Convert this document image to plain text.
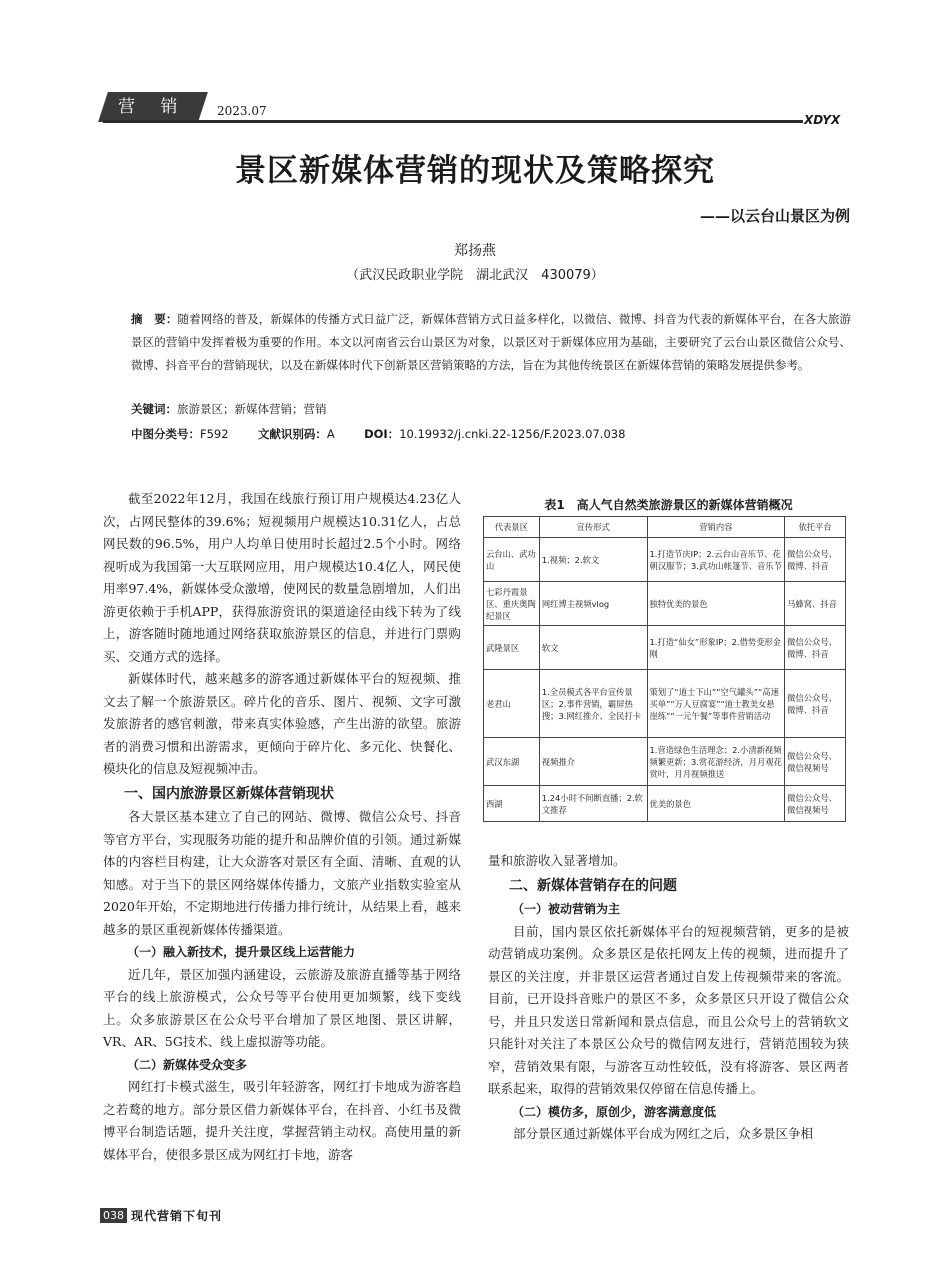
营 销	2023.07
XDYX
景区新媒体营销的现状及策略探究
——以云台山景区为例
郑扬燕
（武汉民政职业学院　湖北武汉　430079）
摘　要：随着网络的普及，新媒体的传播方式日益广泛，新媒体营销方式日益多样化，以微信、微博、抖音为代表的新媒体平台，在各大旅游景区的营销中发挥着极为重要的作用。本文以河南省云台山景区为对象，以景区对于新媒体应用为基础，主要研究了云台山景区微信公众号、微博、抖音平台的营销现状，以及在新媒体时代下创新景区营销策略的方法，旨在为其他传统景区在新媒体营销的策略发展提供参考。
关键词：旅游景区；新媒体营销；营销
中图分类号：F592	文献识别码：A	DOI：10.19932/j.cnki.22-1256/F.2023.07.038

截至2022年12月，我国在线旅行预订用户规模达4.23亿人次，占网民整体的39.6%；短视频用户规模达10.31亿人，占总网民数的96.5%，用户人均单日使用时长超过2.5个小时。网络视听成为我国第一大互联网应用，用户规模达10.4亿人，网民使用率97.4%，新媒体受众激增，使网民的数量急剧增加，人们出游更依赖于手机APP，获得旅游资讯的渠道途径由线下转为了线上，游客随时随地通过网络获取旅游景区的信息，并进行门票购买、交通方式的选择。

新媒体时代，越来越多的游客通过新媒体平台的短视频、推文去了解一个旅游景区。碎片化的音乐、图片、视频、文字可激发旅游者的感官刺激，带来真实体验感，产生出游的欲望。旅游者的消费习惯和出游需求，更倾向于碎片化、多元化、快餐化、模块化的信息及短视频冲击。

一、国内旅游景区新媒体营销现状

各大景区基本建立了自己的网站、微博、微信公众号、抖音等官方平台，实现服务功能的提升和品牌价值的引领。通过新媒体的内容栏目构建，让大众游客对景区有全面、清晰、直观的认知感。对于当下的景区网络媒体传播力，文旅产业指数实验室从2020年开始，不定期地进行传播力排行统计，从结果上看，越来越多的景区重视新媒体传播渠道。

（一）融入新技术，提升景区线上运营能力

近几年，景区加强内涵建设，云旅游及旅游直播等基于网络平台的线上旅游模式，公众号等平台使用更加频繁，线下变线上。众多旅游景区在公众号平台增加了景区地图、景区讲解，VR、AR、5G技术、线上虚拟游等功能。

（二）新媒体受众变多

网红打卡模式滋生，吸引年轻游客，网红打卡地成为游客趋之若鹜的地方。部分景区借力新媒体平台，在抖音、小红书及微博平台制造话题，提升关注度，掌握营销主动权。高使用量的新媒体平台，使很多景区成为网红打卡地，游客

表1　高人气自然类旅游景区的新媒体营销概况
代表景区	宣传形式	营销内容	依托平台
云台山、武功山	1.视频；2.软文	1.打造节庆IP；2.云台山音乐节、花朝汉服节；3.武功山帐篷节、音乐节	微信公众号、微博、抖音
七彩丹霞景区、重庆奥陶纪景区	网红博主视频vlog	独特优美的景色	马蜂窝、抖音
武隆景区	软文	1.打造“仙女”形象IP；2.借势变形金刚	微信公众号、微博、抖音
老君山	1.全员模式各平台宣传景区；2.事件营销，霸屏热搜；3.网红推介、全民打卡	策划了“道士下山”“空气罐头”“高速买单”“万人豆腐宴”“道士教美女悬崖练”“一元午餐”等事件营销活动	微信公众号、微博、抖音
武汉东湖	视频推介	1.营造绿色生活理念；2.小清新视频频繁更新；3.赏花游经济，月月观花赏叶，月月视频推送	微信公众号、微信视频号
西湖	1.24小时不间断直播；2.软文推荐	优美的景色	微信公众号、微信视频号

量和旅游收入显著增加。

二、新媒体营销存在的问题

（一）被动营销为主

目前，国内景区依托新媒体平台的短视频营销，更多的是被动营销成功案例。众多景区是依托网友上传的视频，进而提升了景区的关注度，并非景区运营者通过自发上传视频带来的客流。目前，已开设抖音账户的景区不多，众多景区只开设了微信公众号，并且只发送日常新闻和景点信息，而且公众号上的营销软文只能针对关注了本景区公众号的微信网友进行，营销范围较为狭窄，营销效果有限，与游客互动性较低，没有将游客、景区两者联系起来，取得的营销效果仅停留在信息传播上。

（二）模仿多，原创少，游客满意度低

部分景区通过新媒体平台成为网红之后，众多景区争相

038 现代营销下旬刊
